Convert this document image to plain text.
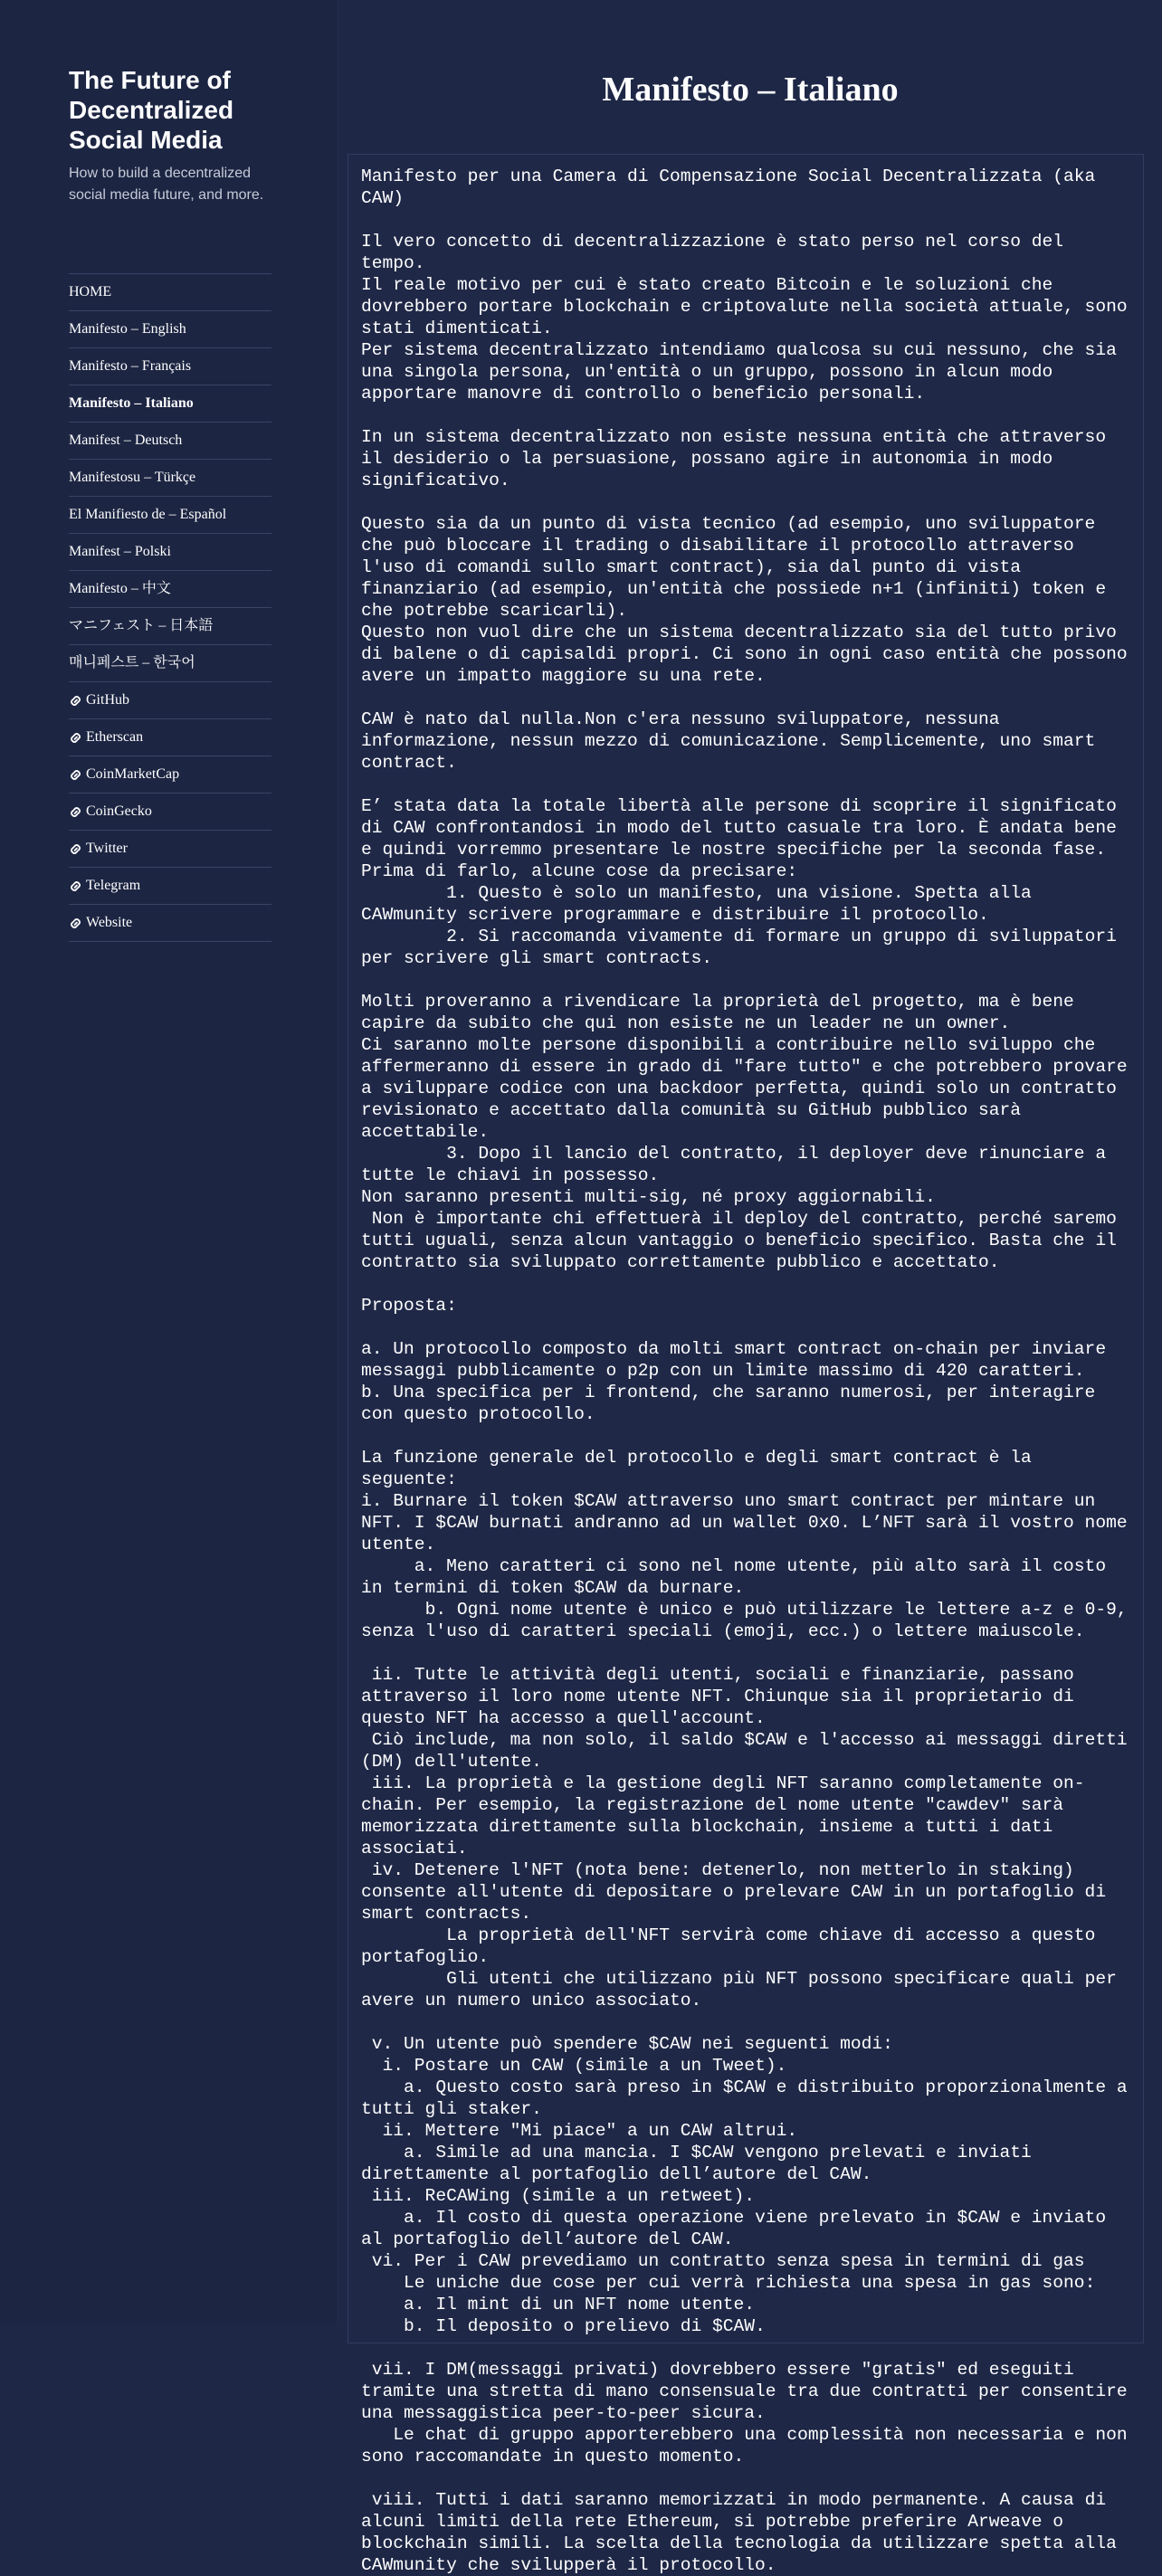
The Future of Decentralized Social Media

How to build a decentralized social media future, and more.

HOME
Manifesto – English
Manifesto – Français
Manifesto – Italiano
Manifest – Deutsch
Manifestosu – Türkçe
El Manifiesto de – Español
Manifest – Polski
Manifesto – 中文
マニフェスト – 日本語
매니페스트 – 한국어
GitHub
Etherscan
CoinMarketCap
CoinGecko
Twitter
Telegram
Website
Manifesto – Italiano
Manifesto per una Camera di Compensazione Social Decentralizzata (aka CAW)

Il vero concetto di decentralizzazione è stato perso nel corso del tempo.
Il reale motivo per cui è stato creato Bitcoin e le soluzioni che dovrebbero portare blockchain e criptovalute nella società attuale, sono stati dimenticati.
Per sistema decentralizzato intendiamo qualcosa su cui nessuno, che sia una singola persona, un'entità o un gruppo, possono in alcun modo apportare manovre di controllo o beneficio personali.

In un sistema decentralizzato non esiste nessuna entità che attraverso il desiderio o la persuasione, possano agire in autonomia in modo significativo.

Questo sia da un punto di vista tecnico (ad esempio, uno sviluppatore che può bloccare il trading o disabilitare il protocollo attraverso l'uso di comandi sullo smart contract), sia dal punto di vista finanziario (ad esempio, un'entità che possiede n+1 (infiniti) token e che potrebbe scaricarli).
Questo non vuol dire che un sistema decentralizzato sia del tutto privo di balene o di capisaldi propri. Ci sono in ogni caso entità che possono avere un impatto maggiore su una rete.

CAW è nato dal nulla.Non c'era nessuno sviluppatore, nessuna informazione, nessun mezzo di comunicazione. Semplicemente, uno smart contract.

E’ stata data la totale libertà alle persone di scoprire il significato di CAW confrontandosi in modo del tutto casuale tra loro. È andata bene e quindi vorremmo presentare le nostre specifiche per la seconda fase. Prima di farlo, alcune cose da precisare:
1. Questo è solo un manifesto, una visione. Spetta alla CAWmunity scrivere programmare e distribuire il protocollo.
2. Si raccomanda vivamente di formare un gruppo di sviluppatori per scrivere gli smart contracts.

Molti proveranno a rivendicare la proprietà del progetto, ma è bene capire da subito che qui non esiste ne un leader ne un owner.
Ci saranno molte persone disponibili a contribuire nello sviluppo che affermeranno di essere in grado di "fare tutto" e che potrebbero provare a sviluppare codice con una backdoor perfetta, quindi solo un contratto revisionato e accettato dalla comunità su GitHub pubblico sarà accettabile.
3. Dopo il lancio del contratto, il deployer deve rinunciare a tutte le chiavi in possesso.
Non saranno presenti multi-sig, né proxy aggiornabili.
Non è importante chi effettuerà il deploy del contratto, perché saremo tutti uguali, senza alcun vantaggio o beneficio specifico. Basta che il contratto sia sviluppato correttamente pubblico e accettato.

Proposta:

a. Un protocollo composto da molti smart contract on-chain per inviare messaggi pubblicamente o p2p con un limite massimo di 420 caratteri.
b. Una specifica per i frontend, che saranno numerosi, per interagire con questo protocollo.

La funzione generale del protocollo e degli smart contract è la seguente:
i. Burnare il token $CAW attraverso uno smart contract per mintare un NFT. I $CAW burnati andranno ad un wallet 0x0. L’NFT sarà il vostro nome utente.
a. Meno caratteri ci sono nel nome utente, più alto sarà il costo in termini di token $CAW da burnare.
b. Ogni nome utente è unico e può utilizzare le lettere a-z e 0-9, senza l'uso di caratteri speciali (emoji, ecc.) o lettere maiuscole.

ii. Tutte le attività degli utenti, sociali e finanziarie, passano attraverso il loro nome utente NFT. Chiunque sia il proprietario di questo NFT ha accesso a quell'account.
Ciò include, ma non solo, il saldo $CAW e l'accesso ai messaggi diretti (DM) dell'utente.
iii. La proprietà e la gestione degli NFT saranno completamente on-chain. Per esempio, la registrazione del nome utente "cawdev" sarà memorizzata direttamente sulla blockchain, insieme a tutti i dati associati.
iv. Detenere l'NFT (nota bene: detenerlo, non metterlo in staking) consente all'utente di depositare o prelevare CAW in un portafoglio di smart contracts.
La proprietà dell'NFT servirà come chiave di accesso a questo portafoglio.
Gli utenti che utilizzano più NFT possono specificare quali per avere un numero unico associato.

v. Un utente può spendere $CAW nei seguenti modi:
i. Postare un CAW (simile a un Tweet).
a. Questo costo sarà preso in $CAW e distribuito proporzionalmente a tutti gli staker.
ii. Mettere "Mi piace" a un CAW altrui.
a. Simile ad una mancia. I $CAW vengono prelevati e inviati direttamente al portafoglio dell’autore del CAW.
iii. ReCAWing (simile a un retweet).
a. Il costo di questa operazione viene prelevato in $CAW e inviato al portafoglio dell’autore del CAW.
vi. Per i CAW prevediamo un contratto senza spesa in termini di gas
Le uniche due cose per cui verrà richiesta una spesa in gas sono:
a. Il mint di un NFT nome utente.
b. Il deposito o prelievo di $CAW.

vii. I DM(messaggi privati) dovrebbero essere "gratis" ed eseguiti tramite una stretta di mano consensuale tra due contratti per consentire una messaggistica peer-to-peer sicura.
Le chat di gruppo apporterebbero una complessità non necessaria e non sono raccomandate in questo momento.

viii. Tutti i dati saranno memorizzati in modo permanente. A causa di alcuni limiti della rete Ethereum, si potrebbe preferire Arweave o blockchain simili. La scelta della tecnologia da utilizzare spetta alla CAWmunity che svilupperà il protocollo.
